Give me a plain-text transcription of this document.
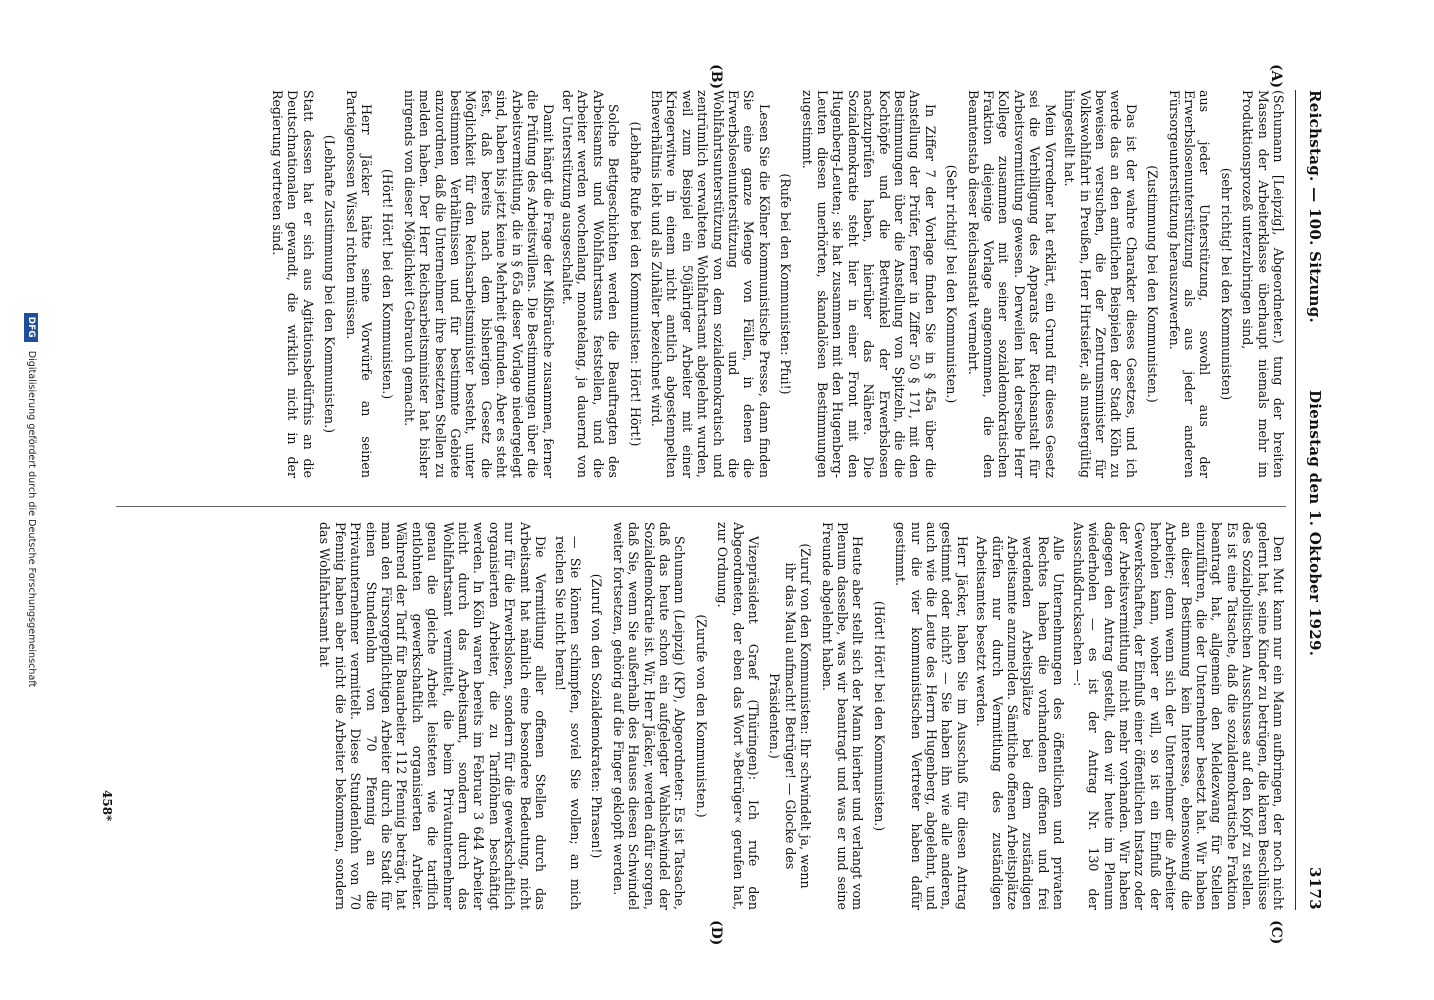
Reichstag. — 100. Sitzung.
Dienstag den 1. Oktober 1929.
3173
(A)
(B)
(C)
(D)

(Schumann [Leipzig], Abgeordneter.) tung der breiten Massen der Arbeiterklasse überhaupt niemals mehr im Produktionsprozeß unterzubringen sind,

(sehr richtig! bei den Kommunisten)

aus jeder Unterstützung, sowohl aus der Erwerbslosenunterstützung als aus jeder anderen Fürsorgeunterstützung herauszuwerfen.

(Zustimmung bei den Kommunisten.)

Das ist der wahre Charakter dieses Gesetzes, und ich werde das an den amtlichen Beispielen der Stadt Köln zu beweisen versuchen, die der Zentrumsminister für Volkswohlfahrt in Preußen, Herr Hirtsiefer, als mustergültig hingestellt hat.

Mein Vorredner hat erklärt, ein Grund für dieses Gesetz sei die Verbilligung des Apparats der Reichsanstalt für Arbeitsvermittlung gewesen. Derweilen hat derselbe Herr Kollege zusammen mit seiner sozialdemokratischen Fraktion diejenige Vorlage angenommen, die den Beamtenstab dieser Reichsanstalt vermehrt.

(Sehr richtig! bei den Kommunisten.)

In Ziffer 7 der Vorlage finden Sie in § 45a über die Anstellung der Prüfer, ferner in Ziffer 50 § 171, mit den Bestimmungen über die Anstellung von Spitzeln, die die Kochtöpfe und die Bettwinkel der Erwerbslosen nachzuprüfen haben, hierüber das Nähere. Die Sozialdemokratie steht hier in einer Front mit den Hugenberg-Leuten; sie hat zusammen mit den Hugenberg-Leuten diesen unerhörten, skandalösen Bestimmungen zugestimmt.

(Rufe bei den Kommunisten: Pfui!)

Lesen Sie die Kölner kommunistische Presse, dann finden Sie eine ganze Menge von Fällen, in denen die Erwerbslosenunterstützung und die Wohlfahrtsunterstützung von dem sozialdemokratisch und zentrümlich verwalteten Wohlfahrtsamt abgelehnt wurden, weil zum Beispiel ein 50jähriger Arbeiter mit einer Kriegerwitwe in einem nicht amtlich abgestempelten Eheverhältnis lebt und als Zuhälter bezeichnet wird.

(Lebhafte Rufe bei den Kommunisten: Hört! Hört!)

Solche Bettgeschichten werden die Beauftragten des Arbeitsamts und Wohlfahrtsamts feststellen, und die Arbeiter werden wochenlang, monatelang, ja dauernd von der Unterstützung ausgeschaltet.

Damit hängt die Frage der Mißbräuche zusammen, ferner die Prüfung des Arbeitswillens. Die Bestimmungen über die Arbeitsvermittlung, die in § 65a dieser Vorlage niedergelegt sind, haben bis jetzt keine Mehrheit gefunden. Aber es steht fest, daß bereits nach dem bisherigen Gesetz die Möglichkeit für den Reichsarbeitsminister besteht, unter bestimmten Verhältnissen und für bestimmte Gebiete anzuordnen, daß die Unternehmer ihre besetzten Stellen zu melden haben. Der Herr Reichsarbeitsminister hat bisher nirgends von dieser Möglichkeit Gebrauch gemacht.

(Hört! Hört! bei den Kommunisten.)

Herr Jäcker hätte seine Vorwürfe an seinen Parteigenossen Wissel richten müssen.

(Lebhafte Zustimmung bei den Kommunisten.)

Statt dessen hat er sich aus Agitationsbedürfnis an die Deutschnationalen gewandt, die wirklich nicht in der Regierung vertreten sind.

Den Mut kann nur ein Mann aufbringen, der noch nicht gelernt hat, seine Kinder zu betrügen, die klaren Beschlüsse des Sozialpolitischen Ausschusses auf den Kopf zu stellen. Es ist eine Tatsache, daß die sozialdemokratische Fraktion beantragt hat, allgemein den Meldezwang für Stellen einzuführen, die der Unternehmer besetzt hat. Wir haben an dieser Bestimmung kein Interesse, ebensowenig die Arbeiter; denn wenn sich der Unternehmer die Arbeiter herholen kann, woher er will, so ist ein Einfluß der Gewerkschaften, der Einfluß einer öffentlichen Instanz oder der Arbeitsvermittlung nicht mehr vorhanden. Wir haben dagegen den Antrag gestellt, den wir heute im Plenum wiederholen — es ist der Antrag Nr. 130 der Ausschußdrucksachen —:

Alle Unternehmungen des öffentlichen und privaten Rechtes haben die vorhandenen offenen und frei werdenden Arbeitsplätze bei dem zuständigen Arbeitsamte anzumelden. Sämtliche offenen Arbeitsplätze dürfen nur durch Vermittlung des zuständigen Arbeitsamtes besetzt werden.

Herr Jäcker, haben Sie im Ausschuß für diesen Antrag gestimmt oder nicht? — Sie haben ihn wie alle anderen, auch wie die Leute des Herrn Hugenberg, abgelehnt, und nur die vier kommunistischen Vertreter haben dafür gestimmt.

(Hört! Hört! bei den Kommunisten.)

Heute aber stellt sich der Mann hierher und verlangt vom Plenum dasselbe, was wir beantragt und was er und seine Freunde abgelehnt haben.

(Zuruf von den Kommunisten: Ihr schwindelt ja, wenn ihr das Maul aufmacht! Betrüger! — Glocke des Präsidenten.)

Vizepräsident Graef (Thüringen): Ich rufe den Abgeordneten, der eben das Wort »Betrüger« gerufen hat, zur Ordnung.

(Zurufe von den Kommunisten.)

Schumann (Leipzig) (KP), Abgeordneter: Es ist Tatsache, daß das heute schon ein aufgelegter Wahlschwindel der Sozialdemokratie ist. Wir, Herr Jäcker, werden dafür sorgen, daß Sie, wenn Sie außerhalb des Hauses diesen Schwindel weiter fortsetzen, gehörig auf die Finger geklopft werden.

(Zuruf von den Sozialdemokraten: Phrasen!)

— Sie können schimpfen, soviel Sie wollen; an mich reichen Sie nicht heran!

Die Vermittlung aller offenen Stellen durch das Arbeitsamt hat nämlich eine besondere Bedeutung, nicht nur für die Erwerbslosen, sondern für die gewerkschaftlich organisierten Arbeiter, die zu Tariflöhnen beschäftigt werden. In Köln waren bereits im Februar 3 644 Arbeiter nicht durch das Arbeitsamt, sondern durch das Wohlfahrtsamt vermittelt, die beim Privatunternehmer genau die gleiche Arbeit leisteten wie die tariflich entlohnten gewerkschaftlich organisierten Arbeiter. Während der Tarif für Bauarbeiter 112 Pfennig beträgt, hat man den Fürsorgepflichtigen Arbeiter durch die Stadt für einen Stundenlohn von 70 Pfennig an die Privatunternehmer vermittelt. Diese Stundenlohn von 70 Pfennig haben aber nicht die Arbeiter bekommen, sondern das Wohlfahrtsamt hat

458*
DFG Digitalisierung gefördert durch die Deutsche Forschungsgemeinschaft
